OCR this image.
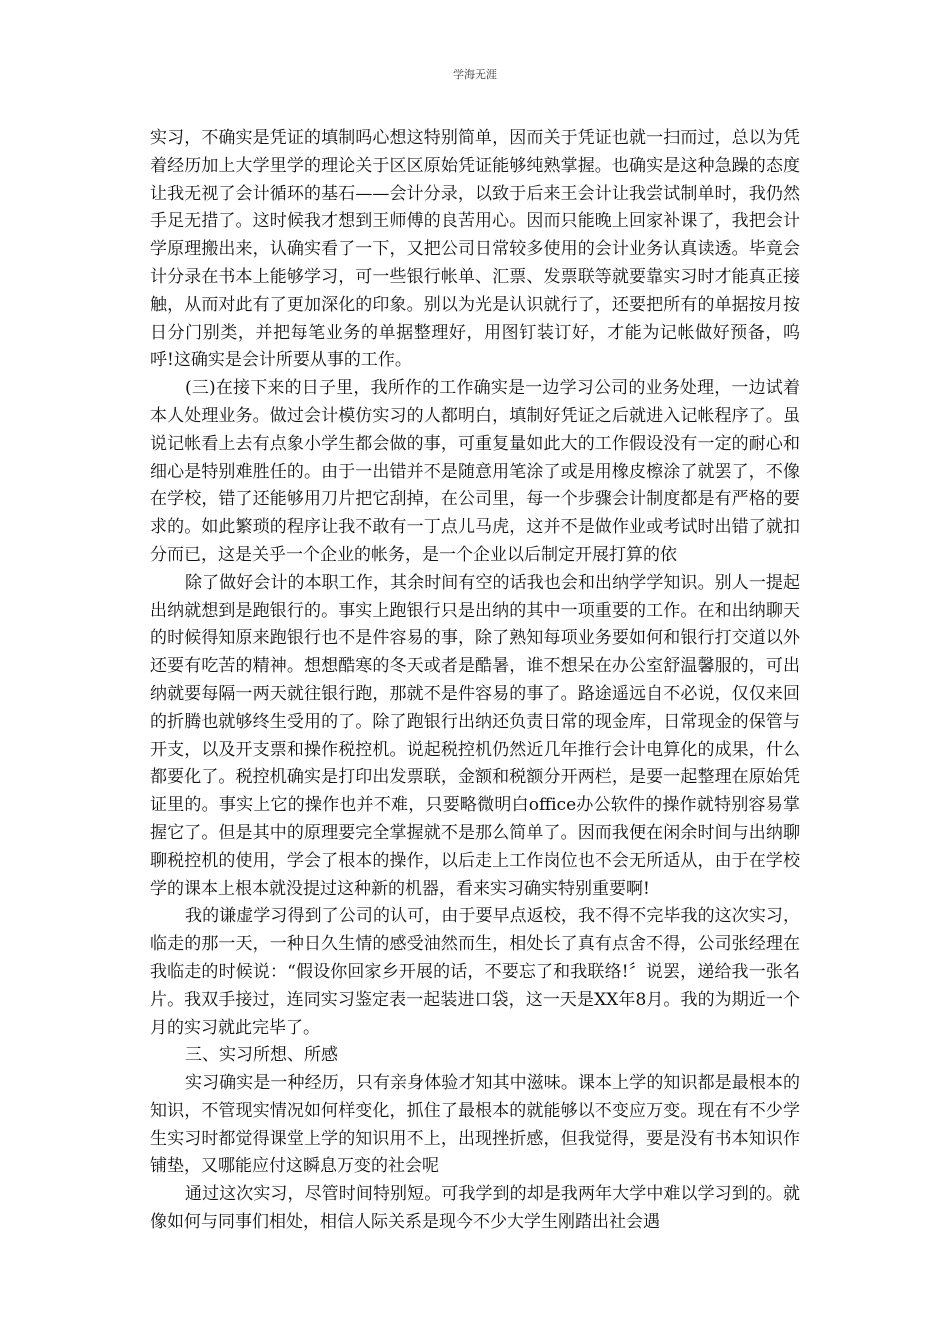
学海无涯

实习，不确实是凭证的填制吗心想这特别简单，因而关于凭证也就一扫而过，总以为凭着经历加上大学里学的理论关于区区原始凭证能够纯熟掌握。也确实是这种急躁的态度让我无视了会计循环的基石——会计分录，以致于后来王会计让我尝试制单时，我仍然手足无措了。这时候我才想到王师傅的良苦用心。因而只能晚上回家补课了，我把会计学原理搬出来，认确实看了一下，又把公司日常较多使用的会计业务认真读透。毕竟会计分录在书本上能够学习，可一些银行帐单、汇票、发票联等就要靠实习时才能真正接触，从而对此有了更加深化的印象。别以为光是认识就行了，还要把所有的单据按月按日分门别类，并把每笔业务的单据整理好，用图钉装订好，才能为记帐做好预备，呜呼!这确实是会计所要从事的工作。

(三)在接下来的日子里，我所作的工作确实是一边学习公司的业务处理，一边试着本人处理业务。做过会计模仿实习的人都明白，填制好凭证之后就进入记帐程序了。虽说记帐看上去有点象小学生都会做的事，可重复量如此大的工作假设没有一定的耐心和细心是特别难胜任的。由于一出错并不是随意用笔涂了或是用橡皮檫涂了就罢了，不像在学校，错了还能够用刀片把它刮掉，在公司里，每一个步骤会计制度都是有严格的要求的。如此繁琐的程序让我不敢有一丁点儿马虎，这并不是做作业或考试时出错了就扣分而已，这是关乎一个企业的帐务，是一个企业以后制定开展打算的依

除了做好会计的本职工作，其余时间有空的话我也会和出纳学学知识。别人一提起出纳就想到是跑银行的。事实上跑银行只是出纳的其中一项重要的工作。在和出纳聊天的时候得知原来跑银行也不是件容易的事，除了熟知每项业务要如何和银行打交道以外还要有吃苦的精神。想想酷寒的冬天或者是酷暑，谁不想呆在办公室舒温馨服的，可出纳就要每隔一两天就往银行跑，那就不是件容易的事了。路途遥远自不必说，仅仅来回的折腾也就够终生受用的了。除了跑银行出纳还负责日常的现金库，日常现金的保管与开支，以及开支票和操作税控机。说起税控机仍然近几年推行会计电算化的成果，什么都要化了。税控机确实是打印出发票联，金额和税额分开两栏，是要一起整理在原始凭证里的。事实上它的操作也并不难，只要略微明白office办公软件的操作就特别容易掌握它了。但是其中的原理要完全掌握就不是那么简单了。因而我便在闲余时间与出纳聊聊税控机的使用，学会了根本的操作，以后走上工作岗位也不会无所适从，由于在学校学的课本上根本就没提过这种新的机器，看来实习确实特别重要啊!

我的谦虚学习得到了公司的认可，由于要早点返校，我不得不完毕我的这次实习，临走的那一天，一种日久生情的感受油然而生，相处长了真有点舍不得，公司张经理在我临走的时候说：“假设你回家乡开展的话，不要忘了和我联络!〞说罢，递给我一张名片。我双手接过，连同实习鉴定表一起装进口袋，这一天是XX年8月。我的为期近一个月的实习就此完毕了。

三、实习所想、所感

实习确实是一种经历，只有亲身体验才知其中滋味。课本上学的知识都是最根本的知识，不管现实情况如何样变化，抓住了最根本的就能够以不变应万变。现在有不少学生实习时都觉得课堂上学的知识用不上，出现挫折感，但我觉得，要是没有书本知识作铺垫，又哪能应付这瞬息万变的社会呢

通过这次实习，尽管时间特别短。可我学到的却是我两年大学中难以学习到的。就像如何与同事们相处，相信人际关系是现今不少大学生刚踏出社会遇
